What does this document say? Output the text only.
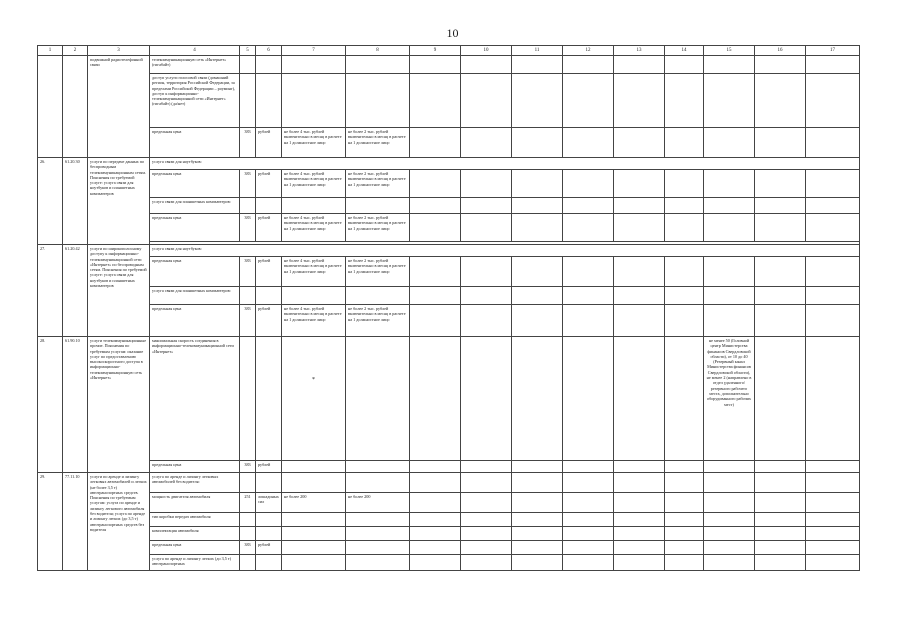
10
1	2	3	4	5	6	7	8	9	10	11	12	13	14	15	16	17
		подвижной радиотелефонной связи	телекоммуникационную сеть «Интернет» (гигабайт)													
			доступ услуги голосовой связи (домашний регион, территория Российской Федерации, за пределами Российской Федерации – роуминг), доступ к информационно-телекоммуникационной сети «Интернет» (гигабайт) (да/нет)													
			предельная цена	383	рублей	не более 4 тыс. рублей включительно в месяц в расчете на 1 должностное лицо	не более 2 тыс. рублей включительно в месяц в расчете на 1 должностное лицо									
26.	61.20.30	услуги по передаче данных по беспроводным телекоммуникационным сетям. Пояснения по требуемой услуге: услуга связи для ноутбуков и планшетных компьютеров	услуга связи для ноутбуков:													
			предельная цена	383	рублей	не более 4 тыс. рублей включительно в месяц в расчете на 1 должностное лицо	не более 2 тыс. рублей включительно в месяц в расчете на 1 должностное лицо									
			услуга связи для планшетных компьютеров:													
			предельная цена	383	рублей	не более 4 тыс. рублей включительно в месяц в расчете на 1 должностное лицо	не более 2 тыс. рублей включительно в месяц в расчете на 1 должностное лицо									

27.	61.20.42	услуги по широкополосному доступу к информационно-телекоммуникационной сети «Интернет» по беспроводным сетям. Пояснения по требуемой услуге: услуга связи для ноутбуков и планшетных компьютеров	услуга связи для ноутбуков:													
			предельная цена	383	рублей	не более 4 тыс. рублей включительно в месяц в расчете на 1 должностное лицо	не более 2 тыс. рублей включительно в месяц в расчете на 1 должностное лицо									
			услуга связи для планшетных компьютеров:													
			предельная цена	383	рублей	не более 4 тыс. рублей включительно в месяц в расчете на 1 должностное лицо	не более 2 тыс. рублей включительно в месяц в расчете на 1 должностное лицо									
28.	61.90.10	услуги телекоммуникационные прочие. Пояснения по требуемым услугам: оказание услуг по предоставлению высокоскоростного доступа в информационно-телекоммуникационную сеть «Интернет»	максимальная скорость соединения в информационно-телекоммуникационной сети «Интернет»			*								не менее 50 (Головной центр Министерства финансов Свердловской области), от 10 до 40 (Резервный канал Министерства финансов Свердловской области), не менее 2 (направлено в отдел удаленного/резервного рабочего места, дополнительно оборудованного рабочих мест)		
			предельная цена	383	рублей											
29.	77.11.10	услуги по аренде и лизингу легковых автомобилей и легких (не более 3,5 т) автотранспортных средств. Пояснения по требуемым услугам: услуга по аренде и лизингу легкового автомобиля без водителя; услуга по аренде и лизингу легких (до 3,5 т) автотранспортных средств без водителя	услуга по аренде и лизингу легковых автомобилей без водителя:													
			мощность двигателя автомобиля	251	лошадиных сил	не более 200	не более 200									
			тип коробки передач автомобиля													
			комплектация автомобиля													
			предельная цена	383	рублей											
			услуга по аренде и лизингу легких (до 3,5 т) автотранспортных													
